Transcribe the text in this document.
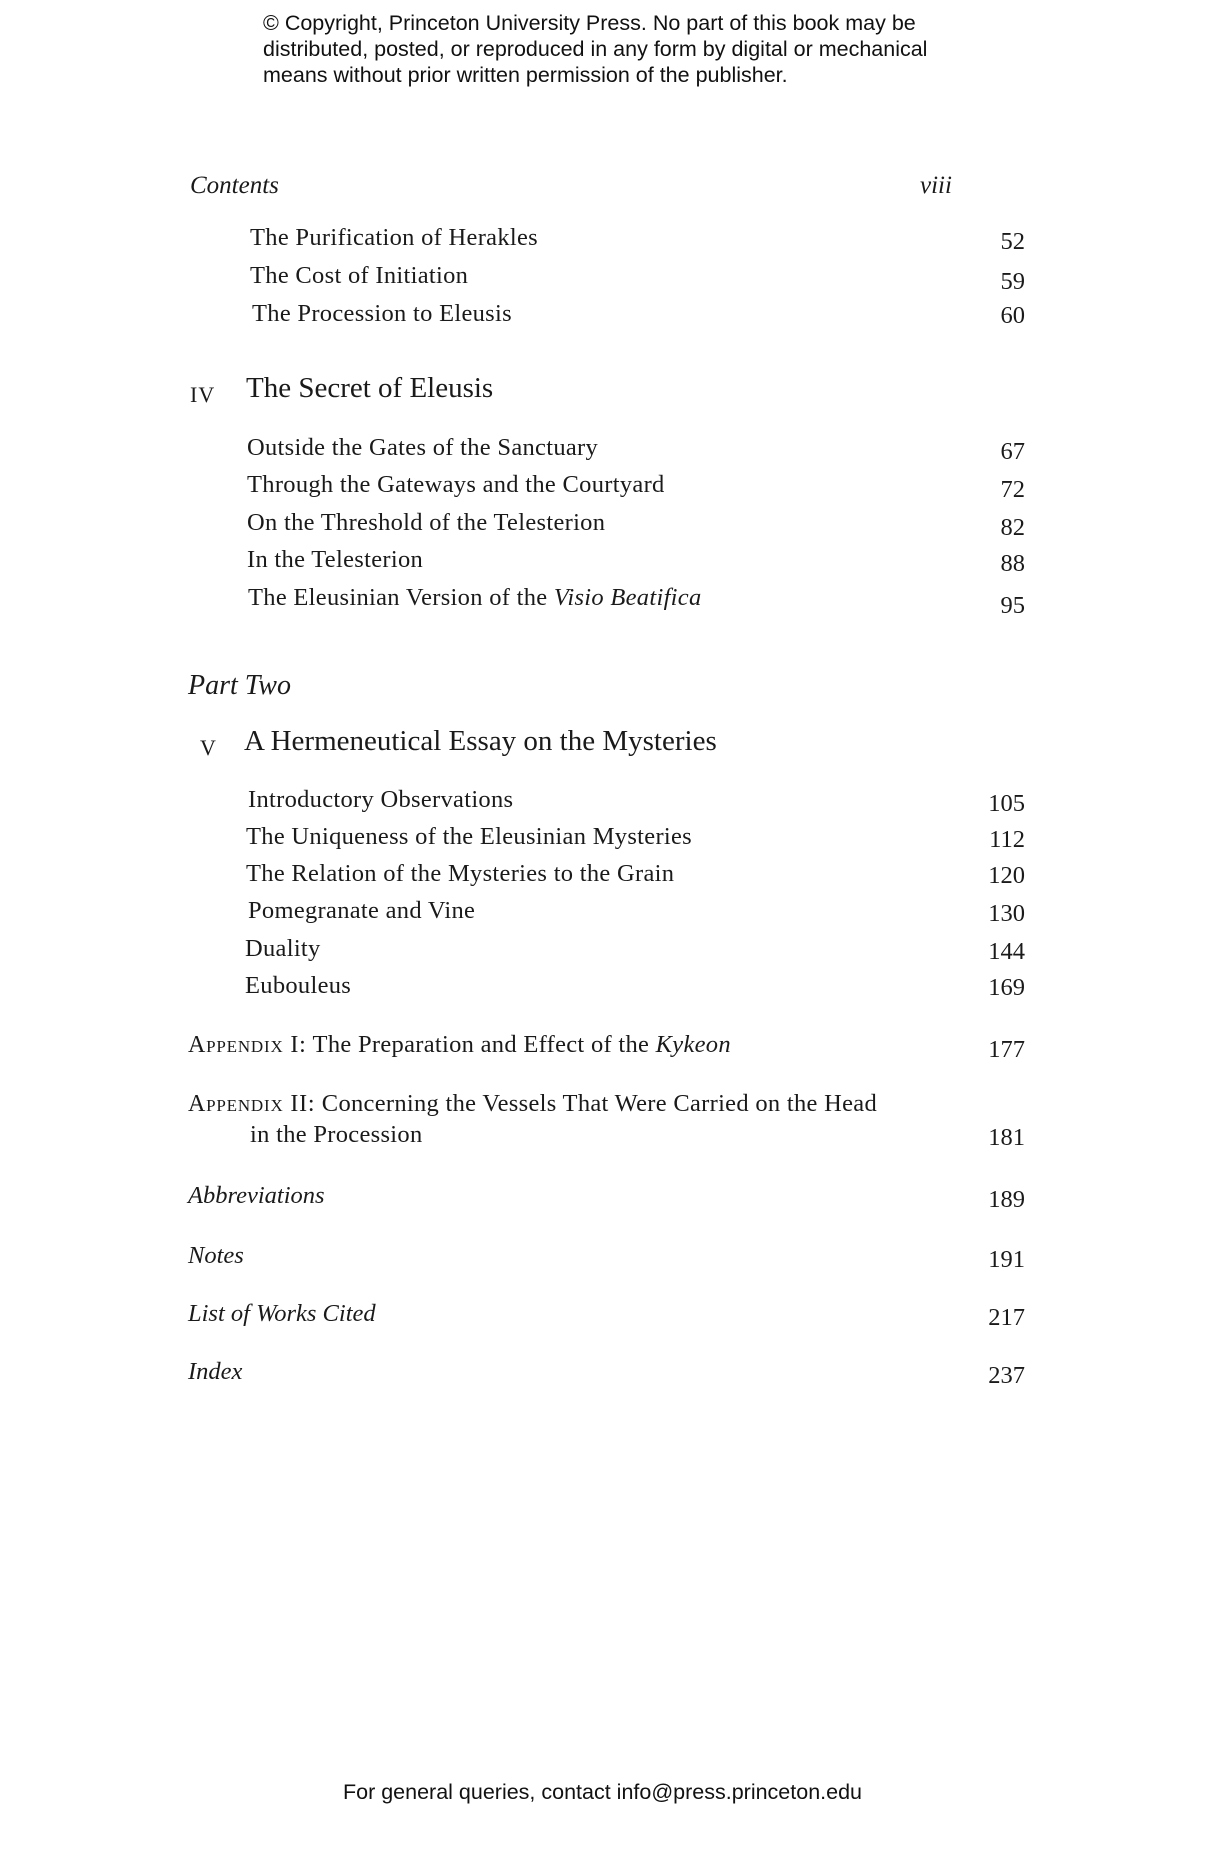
© Copyright, Princeton University Press. No part of this book may be
distributed, posted, or reproduced in any form by digital or mechanical
means without prior written permission of the publisher.
Contents	viii
The Purification of Herakles	52
The Cost of Initiation	59
The Procession to Eleusis	60
IV The Secret of Eleusis
Outside the Gates of the Sanctuary	67
Through the Gateways and the Courtyard	72
On the Threshold of the Telesterion	82
In the Telesterion	88
The Eleusinian Version of the Visio Beatifica	95
Part Two
V A Hermeneutical Essay on the Mysteries
Introductory Observations	105
The Uniqueness of the Eleusinian Mysteries	112
The Relation of the Mysteries to the Grain	120
Pomegranate and Vine	130
Duality	144
Eubouleus	169
Appendix I: The Preparation and Effect of the Kykeon	177
Appendix II: Concerning the Vessels That Were Carried on the Head
in the Procession	181
Abbreviations	189
Notes	191
List of Works Cited	217
Index	237
For general queries, contact info@press.princeton.edu
